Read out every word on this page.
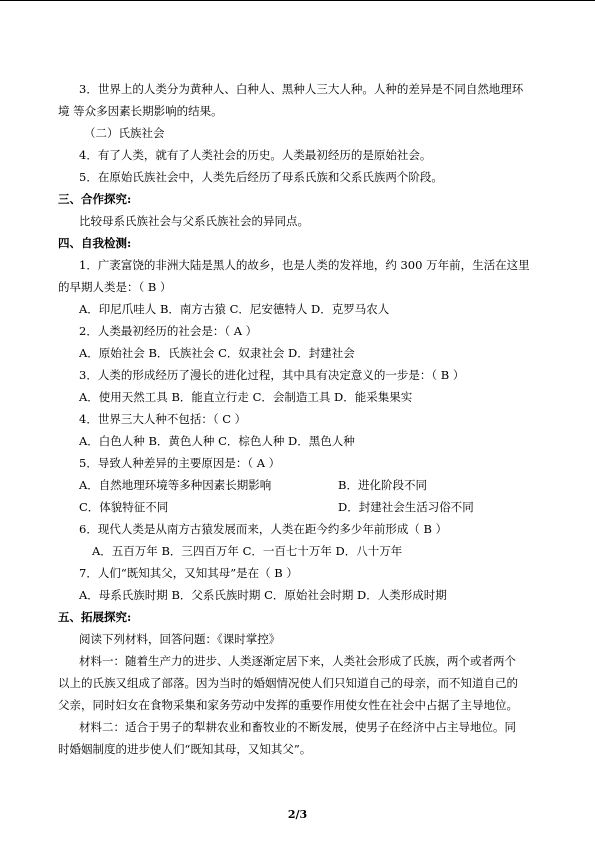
3．世界上的人类分为黄种人、白种人、黑种人三大人种。人种的差异是不同自然地理环
境 等众多因素长期影响的结果。
（二）氏族社会
4．有了人类，就有了人类社会的历史。人类最初经历的是原始社会。
5．在原始氏族社会中，人类先后经历了母系氏族和父系氏族两个阶段。
三、合作探究:
比较母系氏族社会与父系氏族社会的异同点。
四、自我检测:
1．广袤富饶的非洲大陆是黑人的故乡，也是人类的发祥地，约 300 万年前，生活在这里
的早期人类是：（ B ）
A．印尼爪哇人 B．南方古猿 C．尼安德特人 D．克罗马农人
2．人类最初经历的社会是：（ A ）
A．原始社会 B．氏族社会 C．奴隶社会 D．封建社会
3．人类的形成经历了漫长的进化过程，其中具有决定意义的一步是：（ B ）
A．使用天然工具 B．能直立行走 C．会制造工具 D．能采集果实
4．世界三大人种不包括：（ C ）
A．白色人种 B．黄色人种 C．棕色人种 D．黑色人种
5．导致人种差异的主要原因是：（ A ）
A．自然地理环境等多种因素长期影响	B．进化阶段不同
C．体貌特征不同	D．封建社会生活习俗不同
6．现代人类是从南方古猿发展而来，人类在距今约多少年前形成（ B ）
A．五百万年 B．三四百万年 C．一百七十万年 D．八十万年
7．人们“既知其父，又知其母”是在（ B ）
A．母系氏族时期 B．父系氏族时期 C．原始社会时期 D．人类形成时期
五、拓展探究:
阅读下列材料，回答问题：《课时掌控》
材料一：随着生产力的进步、人类逐渐定居下来，人类社会形成了氏族，两个或者两个
以上的氏族又组成了部落。因为当时的婚姻情况使人们只知道自己的母亲，而不知道自己的
父亲，同时妇女在食物采集和家务劳动中发挥的重要作用使女性在社会中占据了主导地位。
材料二：适合于男子的犁耕农业和畜牧业的不断发展，使男子在经济中占主导地位。同
时婚姻制度的进步使人们“既知其母，又知其父”。
2/3
